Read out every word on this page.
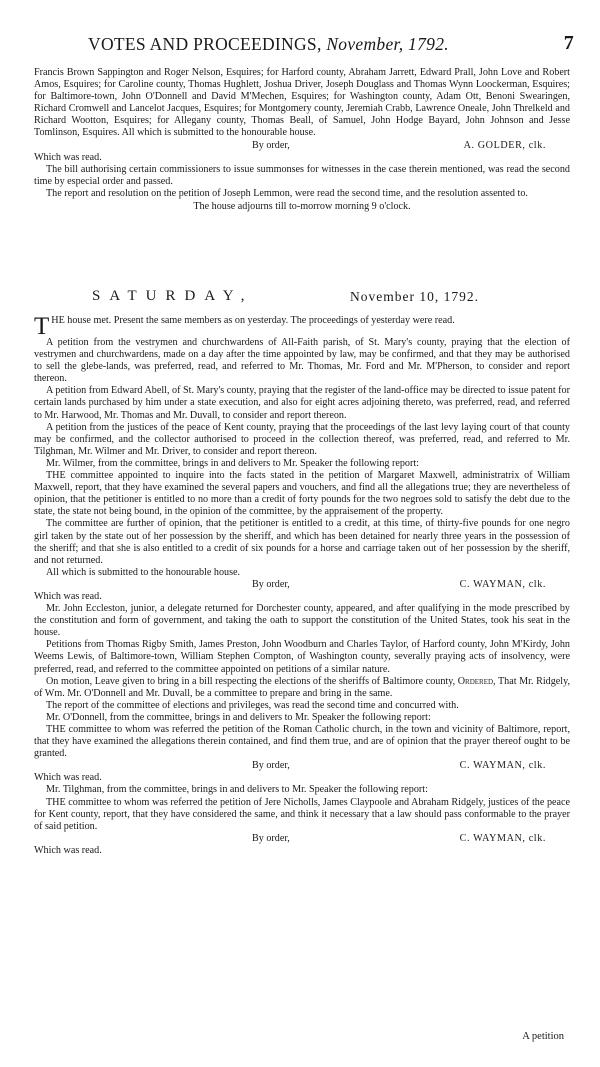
VOTES AND PROCEEDINGS, November, 1792.	7

Francis Brown Sappington and Roger Nelson, Esquires; for Harford county, Abraham Jarrett, Edward Prall, John Love and Robert Amos, Esquires; for Caroline county, Thomas Hughlett, Joshua Driver, Joseph Douglass and Thomas Wynn Loockerman, Esquires; for Baltimore-town, John O'Donnell and David M'Mechen, Esquires; for Washington county, Adam Ott, Benoni Swearingen, Richard Cromwell and Lancelot Jacques, Esquires; for Montgomery county, Jeremiah Crabb, Lawrence Oneale, John Threlkeld and Richard Wootton, Esquires; for Allegany county, Thomas Beall, of Samuel, John Hodge Bayard, John Johnson and Jesse Tomlinson, Esquires. All which is submitted to the honourable house.

By order,	A. GOLDER, clk.
Which was read.

The bill authorising certain commissioners to issue summonses for witnesses in the case therein mentioned, was read the second time by especial order and passed.

The report and resolution on the petition of Joseph Lemmon, were read the second time, and the resolution assented to.

The house adjourns till to-morrow morning 9 o'clock.
SATURDAY,	November 10, 1792.

THE house met. Present the same members as on yesterday. The proceedings of yesterday were read.

A petition from the vestrymen and churchwardens of All-Faith parish, of St. Mary's county, praying that the election of vestrymen and churchwardens, made on a day after the time appointed by law, may be confirmed, and that they may be authorised to sell the glebe-lands, was preferred, read, and referred to Mr. Thomas, Mr. Ford and Mr. M'Pherson, to consider and report thereon.

A petition from Edward Abell, of St. Mary's county, praying that the register of the land-office may be directed to issue patent for certain lands purchased by him under a state execution, and also for eight acres adjoining thereto, was preferred, read, and referred to Mr. Harwood, Mr. Thomas and Mr. Duvall, to consider and report thereon.

A petition from the justices of the peace of Kent county, praying that the proceedings of the last levy laying court of that county may be confirmed, and the collector authorised to proceed in the collection thereof, was preferred, read, and referred to Mr. Tilghman, Mr. Wilmer and Mr. Driver, to consider and report thereon.

Mr. Wilmer, from the committee, brings in and delivers to Mr. Speaker the following report:

THE committee appointed to inquire into the facts stated in the petition of Margaret Maxwell, administratrix of William Maxwell, report, that they have examined the several papers and vouchers, and find all the allegations true; they are nevertheless of opinion, that the petitioner is entitled to no more than a credit of forty pounds for the two negroes sold to satisfy the debt due to the state, the state not being bound, in the opinion of the committee, by the appraisement of the property.

The committee are further of opinion, that the petitioner is entitled to a credit, at this time, of thirty-five pounds for one negro girl taken by the state out of her possession by the sheriff, and which has been detained for nearly three years in the possession of the sheriff; and that she is also entitled to a credit of six pounds for a horse and carriage taken out of her possession by the sheriff, and not returned.

All which is submitted to the honourable house.

By order,	C. WAYMAN, clk.
Which was read.

Mr. John Eccleston, junior, a delegate returned for Dorchester county, appeared, and after qualifying in the mode prescribed by the constitution and form of government, and taking the oath to support the constitution of the United States, took his seat in the house.

Petitions from Thomas Rigby Smith, James Preston, John Woodburn and Charles Taylor, of Harford county, John M'Kirdy, John Weems Lewis, of Baltimore-town, William Stephen Compton, of Washington county, severally praying acts of insolvency, were preferred, read, and referred to the committee appointed on petitions of a similar nature.

On motion, Leave given to bring in a bill respecting the elections of the sheriffs of Baltimore county, Ordered, That Mr. Ridgely, of Wm. Mr. O'Donnell and Mr. Duvall, be a committee to prepare and bring in the same.

The report of the committee of elections and privileges, was read the second time and concurred with.

Mr. O'Donnell, from the committee, brings in and delivers to Mr. Speaker the following report:

THE committee to whom was referred the petition of the Roman Catholic church, in the town and vicinity of Baltimore, report, that they have examined the allegations therein contained, and find them true, and are of opinion that the prayer thereof ought to be granted.

By order,	C. WAYMAN, clk.
Which was read.

Mr. Tilghman, from the committee, brings in and delivers to Mr. Speaker the following report:

THE committee to whom was referred the petition of Jere Nicholls, James Claypoole and Abraham Ridgely, justices of the peace for Kent county, report, that they have considered the same, and think it necessary that a law should pass conformable to the prayer of said petition.

By order,	C. WAYMAN, clk.
Which was read.
A petition
